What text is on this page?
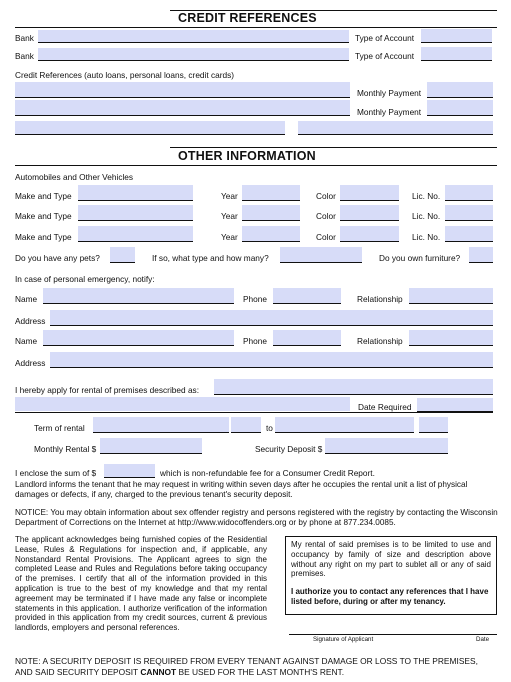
CREDIT REFERENCES
Bank	Type of Account
Bank	Type of Account
Credit References (auto loans, personal loans, credit cards)
Monthly Payment
Monthly Payment
OTHER INFORMATION
Automobiles and Other Vehicles
Make and Type	Year	Color	Lic. No.
Make and Type	Year	Color	Lic. No.
Make and Type	Year	Color	Lic. No.
Do you have any pets?	If so, what type and how many?	Do you own furniture?
In case of personal emergency, notify:
Name	Phone	Relationship
Address
Name	Phone	Relationship
Address
I hereby apply for rental of premises described as:
Date Required
Term of rental	to
Monthly Rental $	Security Deposit $
I enclose the sum of $	which is non-refundable fee for a Consumer Credit Report.
Landlord informs the tenant that he may request in writing within seven days after he occupies the rental unit a list of physical damages or defects, if any, charged to the previous tenant's security deposit.
NOTICE: You may obtain information about sex offender registry and persons registered with the registry by contacting the Wisconsin Department of Corrections on the Internet at http://www.widocoffenders.org or by phone at 877.234.0085.
The applicant acknowledges being furnished copies of the Residential Lease, Rules & Regulations for inspection and, if applicable, any Nonstandard Rental Provisions. The Applicant agrees to sign the completed Lease and Rules and Regulations before taking occupancy of the premises. I certify that all of the information provided in this application is true to the best of my knowledge and that my rental agreement may be terminated if I have made any false or incomplete statements in this application. I authorize verification of the information provided in this application from my credit sources, current & previous landlords, employers and personal references.
My rental of said premises is to be limited to use and occupancy by family of size and description above without any right on my part to sublet all or any of said premises.
I authorize you to contact any references that I have listed before, during or after my tenancy.
Signature of Applicant	Date
NOTE: A SECURITY DEPOSIT IS REQUIRED FROM EVERY TENANT AGAINST DAMAGE OR LOSS TO THE PREMISES, AND SAID SECURITY DEPOSIT CANNOT BE USED FOR THE LAST MONTH'S RENT.
